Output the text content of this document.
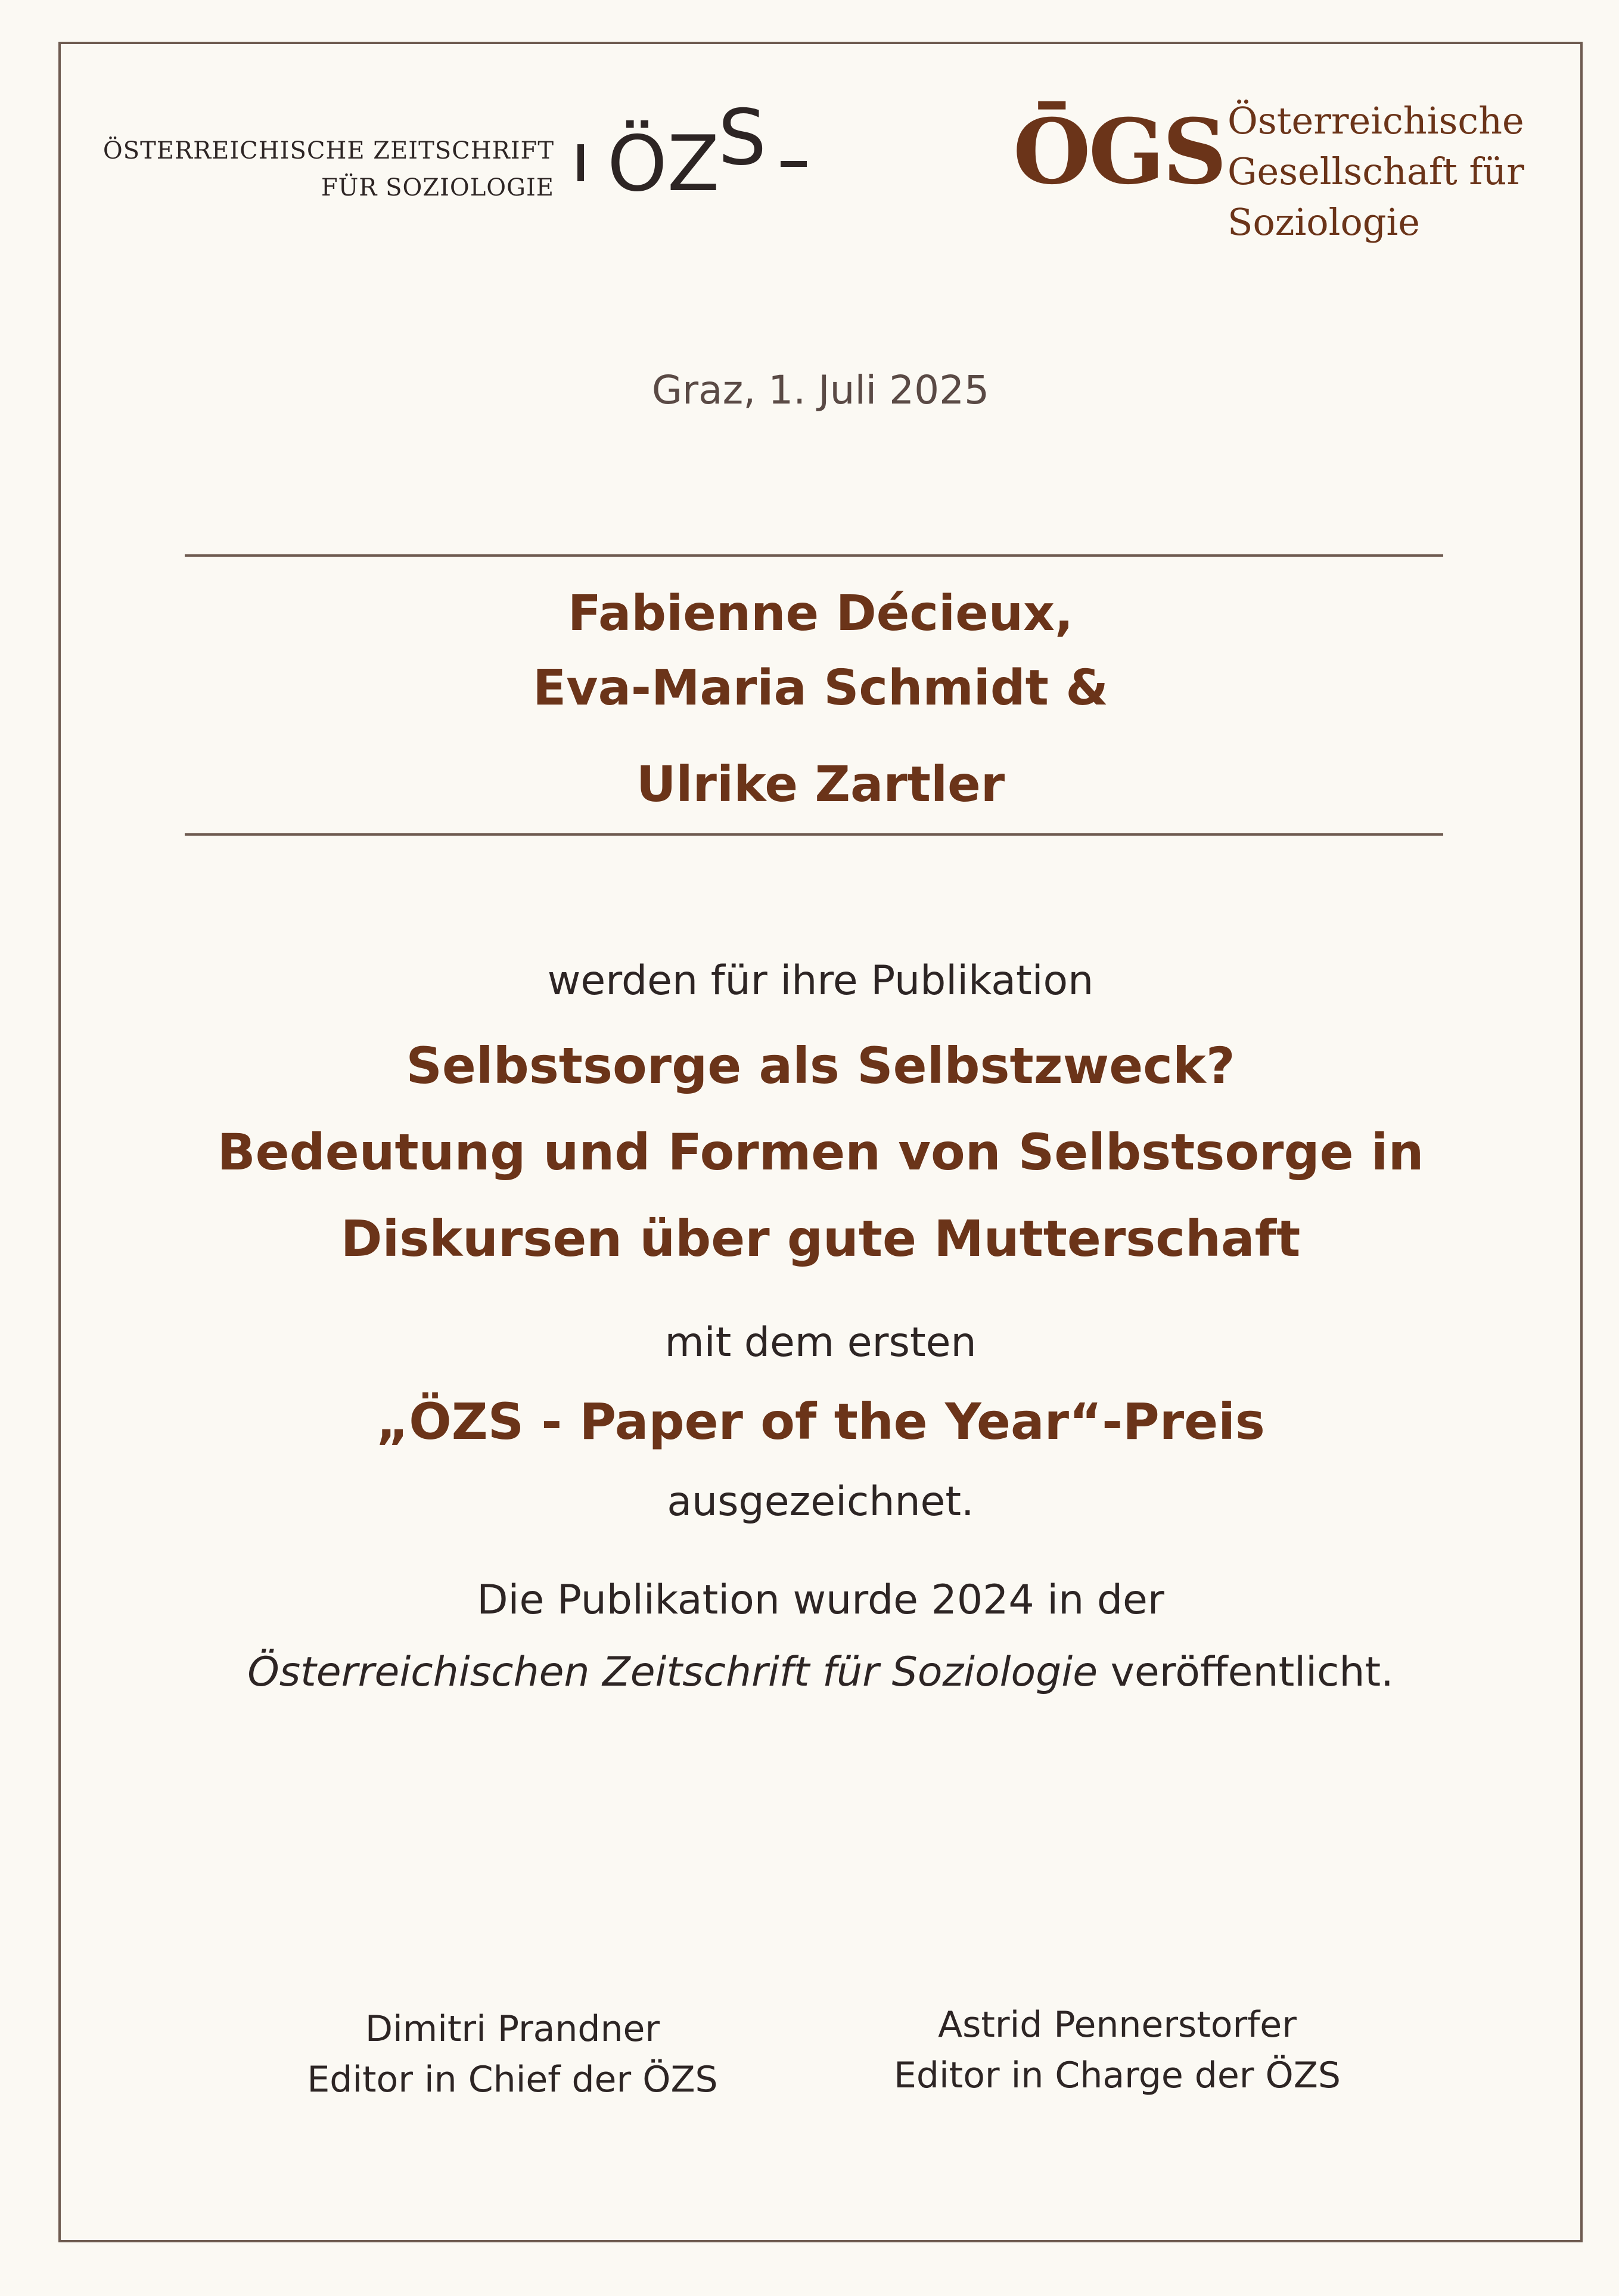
ÖSTERREICHISCHE ZEITSCHRIFT
FÜR SOZIOLOGIE ÖZ
S	ŌGS Österreichische
Gesellschaft für
Soziologie
Graz, 1. Juli 2025
Fabienne Décieux,
Eva-Maria Schmidt &
Ulrike Zartler
werden für ihre Publikation
Selbstsorge als Selbstzweck?
Bedeutung und Formen von Selbstsorge in
Diskursen über gute Mutterschaft
mit dem ersten
„ÖZS - Paper of the Year“-Preis
ausgezeichnet.
Die Publikation wurde 2024 in der
Österreichischen Zeitschrift für Soziologie veröffentlicht.
Dimitri Prandner
Editor in Chief der ÖZS
Astrid Pennerstorfer
Editor in Charge der ÖZS
